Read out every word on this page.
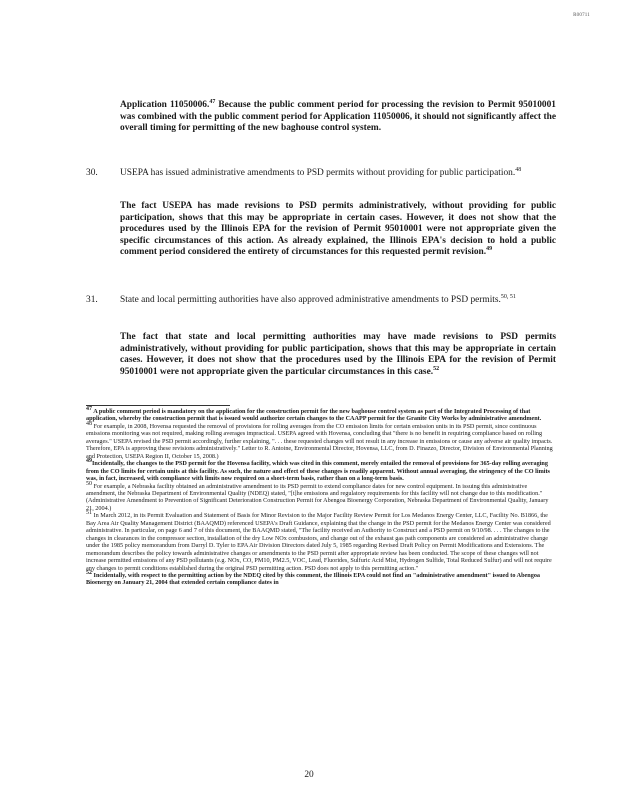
R00711
Application 11050006.47 Because the public comment period for processing the revision to Permit 95010001 was combined with the public comment period for Application 11050006, it should not significantly affect the overall timing for permitting of the new baghouse control system.
30. USEPA has issued administrative amendments to PSD permits without providing for public participation.$^{48}$
The fact USEPA has made revisions to PSD permits administratively, without providing for public participation, shows that this may be appropriate in certain cases. However, it does not show that the procedures used by the Illinois EPA for the revision of Permit 95010001 were not appropriate given the specific circumstances of this action. As already explained, the Illinois EPA's decision to hold a public comment period considered the entirety of circumstances for this requested permit revision.$^{49}$
31. State and local permitting authorities have also approved administrative amendments to PSD permits.$^{50, 51}$
The fact that state and local permitting authorities may have made revisions to PSD permits administratively, without providing for public participation, shows that this may be appropriate in certain cases. However, it does not show that the procedures used by the Illinois EPA for the revision of Permit 95010001 were not appropriate given the particular circumstances in this case.$^{52}$

$^{47}$ A public comment period is mandatory on the application for the construction permit for the new baghouse control system as part of the Integrated Processing of that application, whereby the construction permit that is issued would authorize certain changes to the CAAPP permit for the Granite City Works by administrative amendment.

$^{48}$ For example, in 2008, Hovensa requested the removal of provisions for rolling averages from the CO emission limits for certain emission units in its PSD permit, since continuous emissions monitoring was not required, making rolling averages impractical. USEPA agreed with Hovensa, concluding that "there is no benefit in requiring compliance based on rolling averages." USEPA revised the PSD permit accordingly, further explaining, ". . . these requested changes will not result in any increase in emissions or cause any adverse air quality impacts. Therefore, EPA is approving these revisions administratively." Letter to R. Antoine, Environmental Director, Hovensa, LLC, from D. Finazzo, Director, Division of Environmental Planning and Protection, USEPA Region II, October 15, 2008.)

$^{49}$Incidentally, the changes to the PSD permit for the Hovensa facility, which was cited in this comment, merely entailed the removal of provisions for 365-day rolling averaging from the CO limits for certain units at this facility. As such, the nature and effect of these changes is readily apparent. Without annual averaging, the stringency of the CO limits was, in fact, increased, with compliance with limits now required on a short-term basis, rather than on a long-term basis.

$^{50}$ For example, a Nebraska facility obtained an administrative amendment to its PSD permit to extend compliance dates for new control equipment. In issuing this administrative amendment, the Nebraska Department of Environmental Quality (NDEQ) stated, "[t]he emissions and regulatory requirements for this facility will not change due to this modification." (Administrative Amendment to Prevention of Significant Deterioration Construction Permit for Abengoa Bioenergy Corporation, Nebraska Department of Environmental Quality, January 21, 2004.)

$^{51}$ In March 2012, in its Permit Evaluation and Statement of Basis for Minor Revision to the Major Facility Review Permit for Los Medanos Energy Center, LLC, Facility No. B1866, the Bay Area Air Quality Management District (BAAQMD) referenced USEPA's Draft Guidance, explaining that the change in the PSD permit for the Medanos Energy Center was considered administrative. In particular, on page 6 and 7 of this document, the BAAQMD stated, "The facility received an Authority to Construct and a PSD permit on 9/10/98. . . . The changes to the changes in clearances in the compressor section, installation of the dry Low NOx combustors, and change out of the exhaust gas path components are considered an administrative change under the 1985 policy memorandum from Darryl D. Tyler to EPA Air Division Directors dated July 5, 1985 regarding Revised Draft Policy on Permit Modifications and Extensions. The memorandum describes the policy towards administrative changes or amendments to the PSD permit after appropriate review has been conducted. The scope of these changes will not increase permitted emissions of any PSD pollutants (e.g. NOx, CO, PM10, PM2.5, VOC, Lead, Fluorides, Sulfuric Acid Mist, Hydrogen Sulfide, Total Reduced Sulfur) and will not require any changes to permit conditions established during the original PSD permitting action. PSD does not apply to this permitting action."

$^{52}$ Incidentally, with respect to the permitting action by the NDEQ cited by this comment, the Illinois EPA could not find an "administrative amendment" issued to Abengoa Bioenergy on January 21, 2004 that extended certain compliance dates in

20
